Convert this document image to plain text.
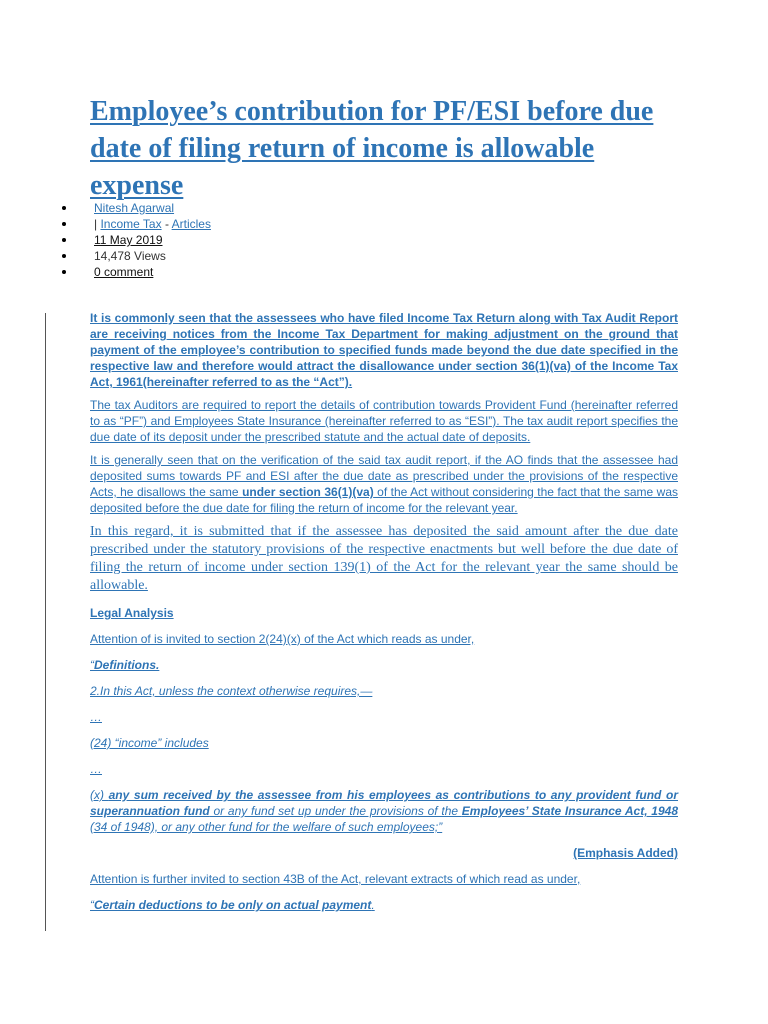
Employee’s contribution for PF/ESI before due date of filing return of income is allowable expense
Nitesh Agarwal
| Income Tax - Articles
11 May 2019
14,478 Views
0 comment

It is commonly seen that the assessees who have filed Income Tax Return along with Tax Audit Report are receiving notices from the Income Tax Department for making adjustment on the ground that payment of the employee’s contribution to specified funds made beyond the due date specified in the respective law and therefore would attract the disallowance under section 36(1)(va) of the Income Tax Act, 1961(hereinafter referred to as the “Act”).

The tax Auditors are required to report the details of contribution towards Provident Fund (hereinafter referred to as “PF”) and Employees State Insurance (hereinafter referred to as “ESI”). The tax audit report specifies the due date of its deposit under the prescribed statute and the actual date of deposits.

It is generally seen that on the verification of the said tax audit report, if the AO finds that the assessee had deposited sums towards PF and ESI after the due date as prescribed under the provisions of the respective Acts, he disallows the same under section 36(1)(va) of the Act without considering the fact that the same was deposited before the due date for filing the return of income for the relevant year.

In this regard, it is submitted that if the assessee has deposited the said amount after the due date prescribed under the statutory provisions of the respective enactments but well before the due date of filing the return of income under section 139(1) of the Act for the relevant year the same should be allowable.

Legal Analysis

Attention of is invited to section 2(24)(x) of the Act which reads as under,

“Definitions.

2.In this Act, unless the context otherwise requires,—

…

(24) “income” includes

…

(x) any sum received by the assessee from his employees as contributions to any provident fund or superannuation fund or any fund set up under the provisions of the Employees’ State Insurance Act, 1948 (34 of 1948), or any other fund for the welfare of such employees;”

(Emphasis Added)

Attention is further invited to section 43B of the Act, relevant extracts of which read as under,

“Certain deductions to be only on actual payment.
